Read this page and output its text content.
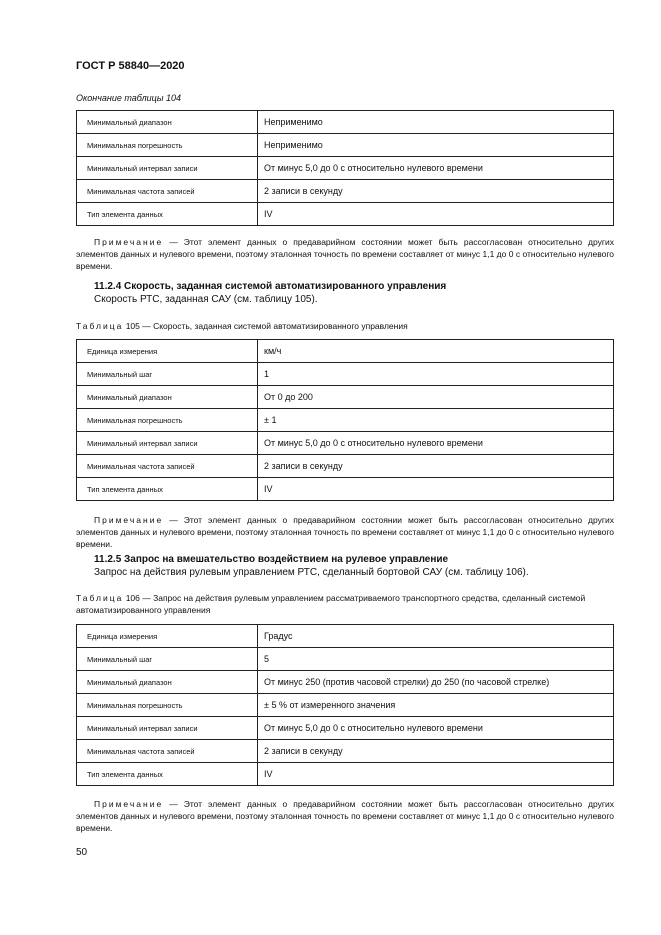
ГОСТ Р 58840—2020
Окончание таблицы 104
Минимальный диапазон	Неприменимо
Минимальная погрешность	Неприменимо
Минимальный интервал записи	От минус 5,0 до 0 с относительно нулевого времени
Минимальная частота записей	2 записи в секунду
Тип элемента данных	IV
Примечание — Этот элемент данных о предаварийном состоянии может быть рассогласован относительно других элементов данных и нулевого времени, поэтому эталонная точность по времени составляет от минус 1,1 до 0 с относительно нулевого времени.
11.2.4 Скорость, заданная системой автоматизированного управления
Скорость РТС, заданная САУ (см. таблицу 105).
Таблица 105 — Скорость, заданная системой автоматизированного управления
Единица измерения	км/ч
Минимальный шаг	1
Минимальный диапазон	От 0 до 200
Минимальная погрешность	± 1
Минимальный интервал записи	От минус 5,0 до 0 с относительно нулевого времени
Минимальная частота записей	2 записи в секунду
Тип элемента данных	IV
Примечание — Этот элемент данных о предаварийном состоянии может быть рассогласован относительно других элементов данных и нулевого времени, поэтому эталонная точность по времени составляет от минус 1,1 до 0 с относительно нулевого времени.
11.2.5 Запрос на вмешательство воздействием на рулевое управление
Запрос на действия рулевым управлением РТС, сделанный бортовой САУ (см. таблицу 106).
Таблица 106 — Запрос на действия рулевым управлением рассматриваемого транспортного средства, сделанный системой автоматизированного управления
Единица измерения	Градус
Минимальный шаг	5
Минимальный диапазон	От минус 250 (против часовой стрелки) до 250 (по часовой стрелке)
Минимальная погрешность	± 5 % от измеренного значения
Минимальный интервал записи	От минус 5,0 до 0 с относительно нулевого времени
Минимальная частота записей	2 записи в секунду
Тип элемента данных	IV
Примечание — Этот элемент данных о предаварийном состоянии может быть рассогласован относительно других элементов данных и нулевого времени, поэтому эталонная точность по времени составляет от минус 1,1 до 0 с относительно нулевого времени.
50
